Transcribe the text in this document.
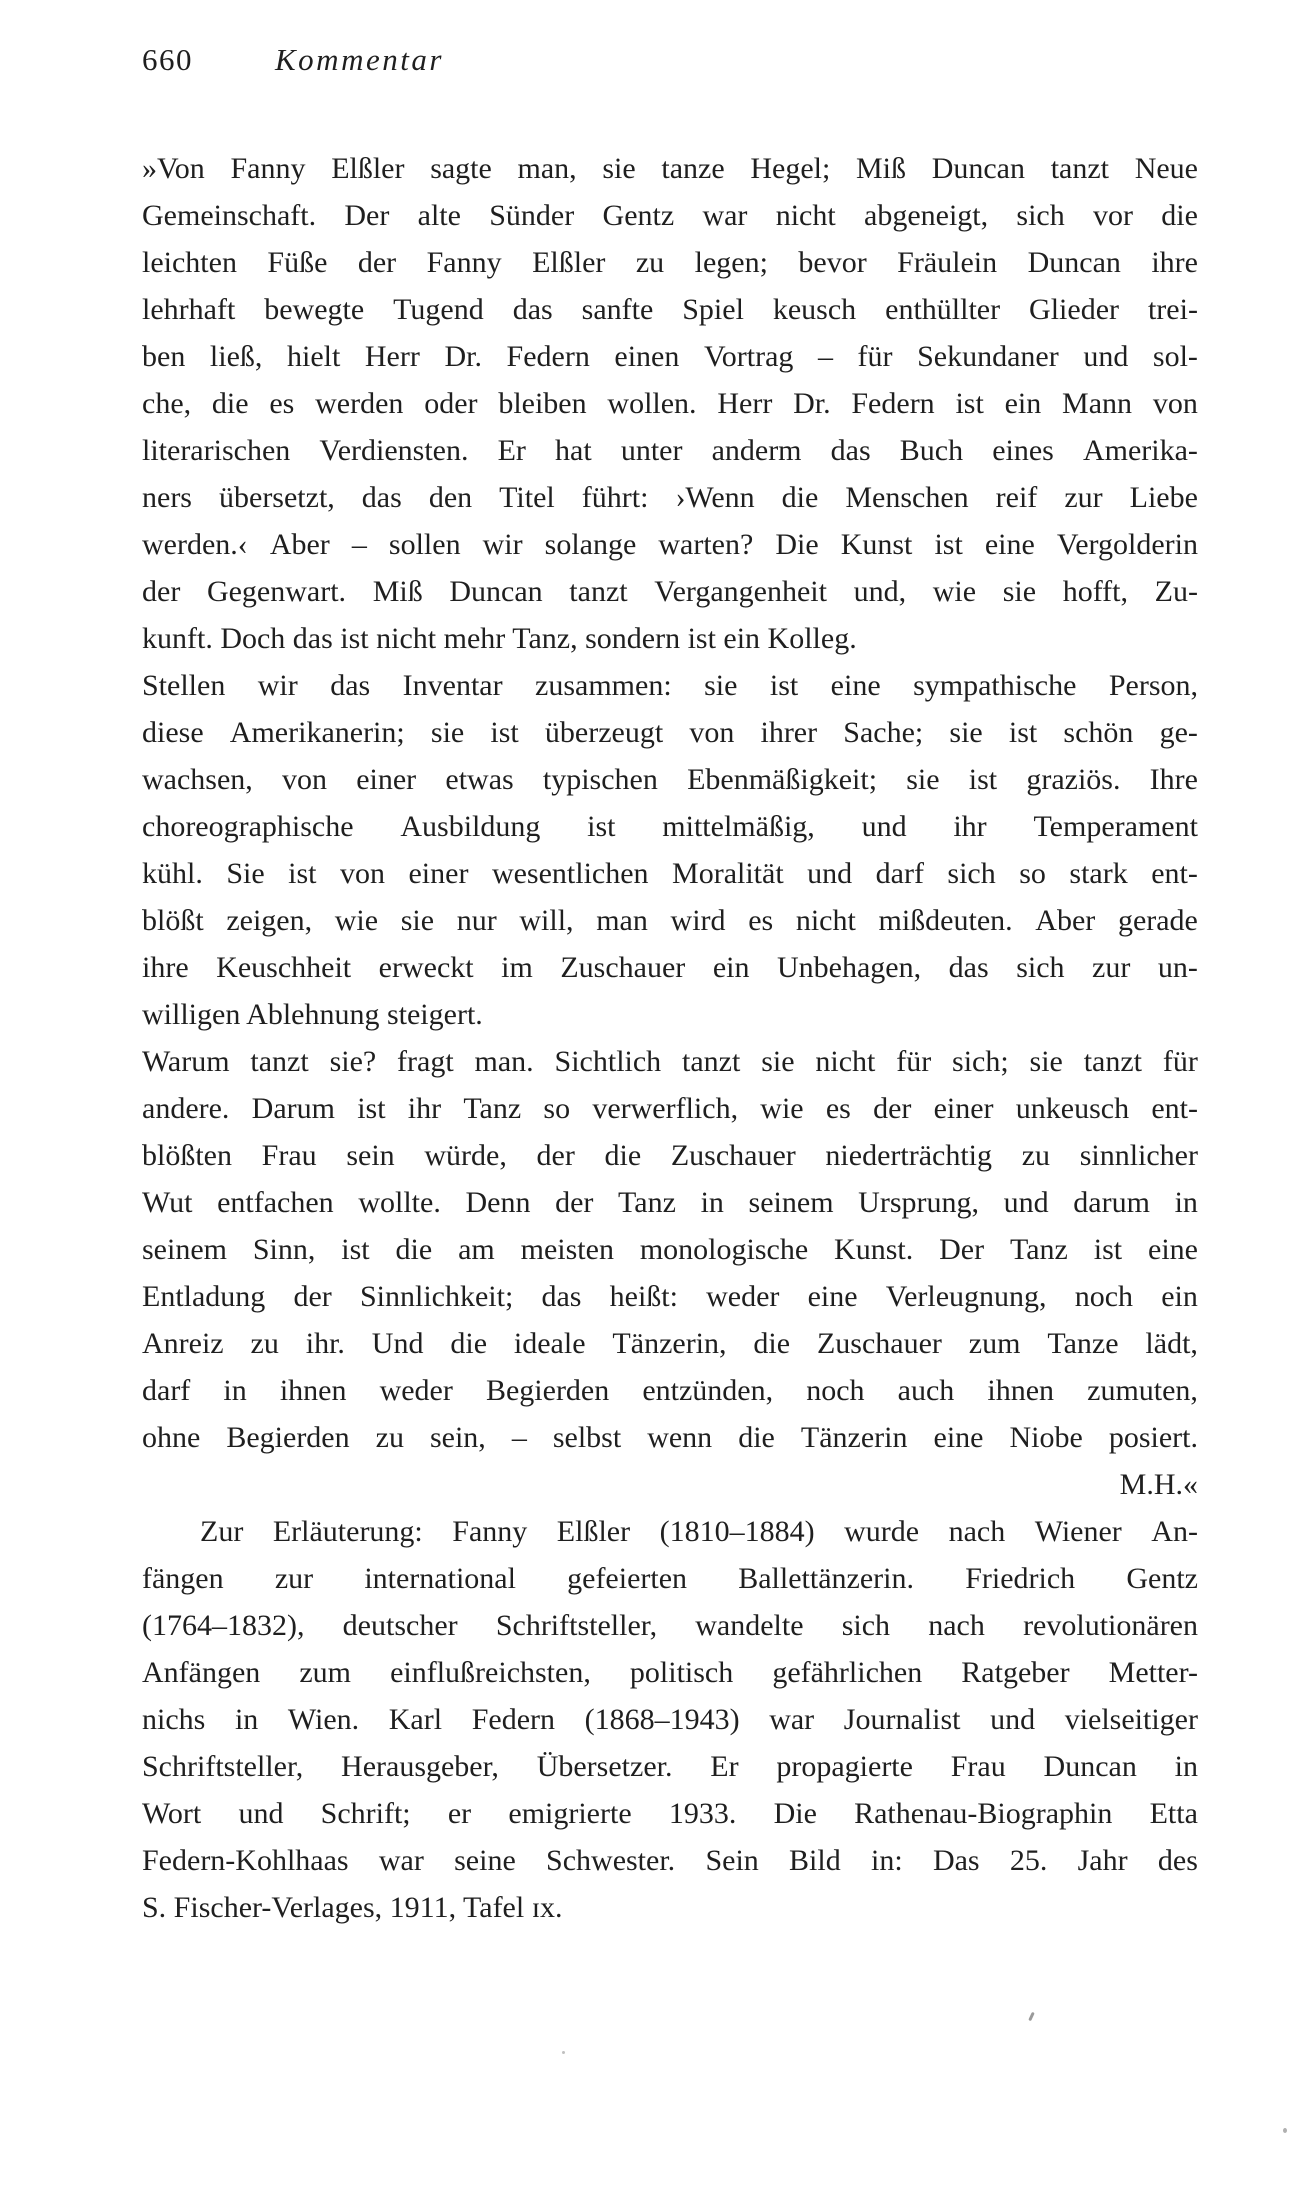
660	Kommentar
»Von Fanny Elßler sagte man, sie tanze Hegel; Miß Duncan tanzt Neue
Gemeinschaft. Der alte Sünder Gentz war nicht abgeneigt, sich vor die
leichten Füße der Fanny Elßler zu legen; bevor Fräulein Duncan ihre
lehrhaft bewegte Tugend das sanfte Spiel keusch enthüllter Glieder trei-
ben ließ, hielt Herr Dr. Federn einen Vortrag – für Sekundaner und sol-
che, die es werden oder bleiben wollen. Herr Dr. Federn ist ein Mann von
literarischen Verdiensten. Er hat unter anderm das Buch eines Amerika-
ners übersetzt, das den Titel führt: ›Wenn die Menschen reif zur Liebe
werden.‹ Aber – sollen wir solange warten? Die Kunst ist eine Vergolderin
der Gegenwart. Miß Duncan tanzt Vergangenheit und, wie sie hofft, Zu-
kunft. Doch das ist nicht mehr Tanz, sondern ist ein Kolleg.
Stellen wir das Inventar zusammen: sie ist eine sympathische Person,
diese Amerikanerin; sie ist überzeugt von ihrer Sache; sie ist schön ge-
wachsen, von einer etwas typischen Ebenmäßigkeit; sie ist graziös. Ihre
choreographische Ausbildung ist mittelmäßig, und ihr Temperament
kühl. Sie ist von einer wesentlichen Moralität und darf sich so stark ent-
blößt zeigen, wie sie nur will, man wird es nicht mißdeuten. Aber gerade
ihre Keuschheit erweckt im Zuschauer ein Unbehagen, das sich zur un-
willigen Ablehnung steigert.
Warum tanzt sie? fragt man. Sichtlich tanzt sie nicht für sich; sie tanzt für
andere. Darum ist ihr Tanz so verwerflich, wie es der einer unkeusch ent-
blößten Frau sein würde, der die Zuschauer niederträchtig zu sinnlicher
Wut entfachen wollte. Denn der Tanz in seinem Ursprung, und darum in
seinem Sinn, ist die am meisten monologische Kunst. Der Tanz ist eine
Entladung der Sinnlichkeit; das heißt: weder eine Verleugnung, noch ein
Anreiz zu ihr. Und die ideale Tänzerin, die Zuschauer zum Tanze lädt,
darf in ihnen weder Begierden entzünden, noch auch ihnen zumuten,
ohne Begierden zu sein, – selbst wenn die Tänzerin eine Niobe posiert.
M.H.«
Zur Erläuterung: Fanny Elßler (1810–1884) wurde nach Wiener An-
fängen zur international gefeierten Ballettänzerin. Friedrich Gentz
(1764–1832), deutscher Schriftsteller, wandelte sich nach revolutionären
Anfängen zum einflußreichsten, politisch gefährlichen Ratgeber Metter-
nichs in Wien. Karl Federn (1868–1943) war Journalist und vielseitiger
Schriftsteller, Herausgeber, Übersetzer. Er propagierte Frau Duncan in
Wort und Schrift; er emigrierte 1933. Die Rathenau-Biographin Etta
Federn-Kohlhaas war seine Schwester. Sein Bild in: Das 25. Jahr des
S. Fischer-Verlages, 1911, Tafel ɪx.
